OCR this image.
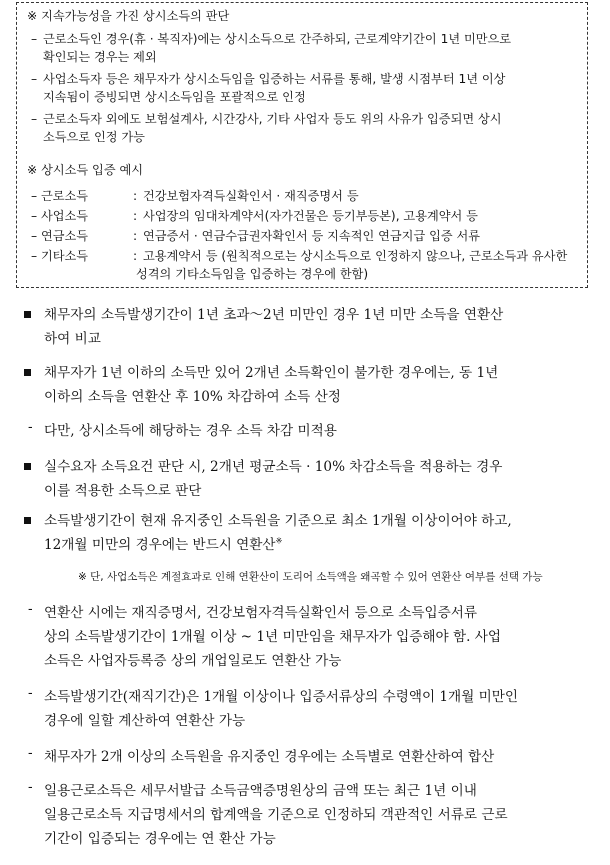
※ 지속가능성을 가진 상시소득의 판단
– 근로소득인 경우(휴 · 복직자)에는 상시소득으로 간주하되, 근로계약기간이 1년 미만으로
확인되는 경우는 제외
– 사업소득자 등은 채무자가 상시소득임을 입증하는 서류를 통해, 발생 시점부터 1년 이상
지속됨이 증빙되면 상시소득임을 포괄적으로 인정
– 근로소득자 외에도 보험설계사, 시간강사, 기타 사업자 등도 위의 사유가 입증되면 상시
소득으로 인정 가능
※ 상시소득 입증 예시
– 근로소득	: 건강보험자격득실확인서 · 재직증명서 등
– 사업소득	: 사업장의 임대차계약서(자가건물은 등기부등본), 고용계약서 등
– 연금소득	: 연금증서 · 연금수급권자확인서 등 지속적인 연금지급 입증 서류
– 기타소득	: 고용계약서 등 (원칙적으로는 상시소득으로 인정하지 않으나, 근로소득과 유사한
성격의 기타소득임을 입증하는 경우에 한함)
채무자의 소득발생기간이 1년 초과～2년 미만인 경우 1년 미만 소득을 연환산
하여 비교
채무자가 1년 이하의 소득만 있어 2개년 소득확인이 불가한 경우에는, 동 1년
이하의 소득을 연환산 후 10% 차감하여 소득 산정
- 다만, 상시소득에 해당하는 경우 소득 차감 미적용
실수요자 소득요건 판단 시, 2개년 평균소득 · 10% 차감소득을 적용하는 경우
이를 적용한 소득으로 판단
소득발생기간이 현재 유지중인 소득원을 기준으로 최소 1개월 이상이어야 하고,
12개월 미만의 경우에는 반드시 연환산※
※ 단, 사업소득은 계절효과로 인해 연환산이 도리어 소득액을 왜곡할 수 있어 연환산 여부를 선택 가능
- 연환산 시에는 재직증명서, 건강보험자격득실확인서 등으로 소득입증서류
상의 소득발생기간이 1개월 이상 ~ 1년 미만임을 채무자가 입증해야 함. 사업
소득은 사업자등록증 상의 개업일로도 연환산 가능
- 소득발생기간(재직기간)은 1개월 이상이나 입증서류상의 수령액이 1개월 미만인
경우에 일할 계산하여 연환산 가능
- 채무자가 2개 이상의 소득원을 유지중인 경우에는 소득별로 연환산하여 합산
- 일용근로소득은 세무서발급 소득금액증명원상의 금액 또는 최근 1년 이내
일용근로소득 지급명세서의 합계액을 기준으로 인정하되 객관적인 서류로 근로
기간이 입증되는 경우에는 연 환산 가능
